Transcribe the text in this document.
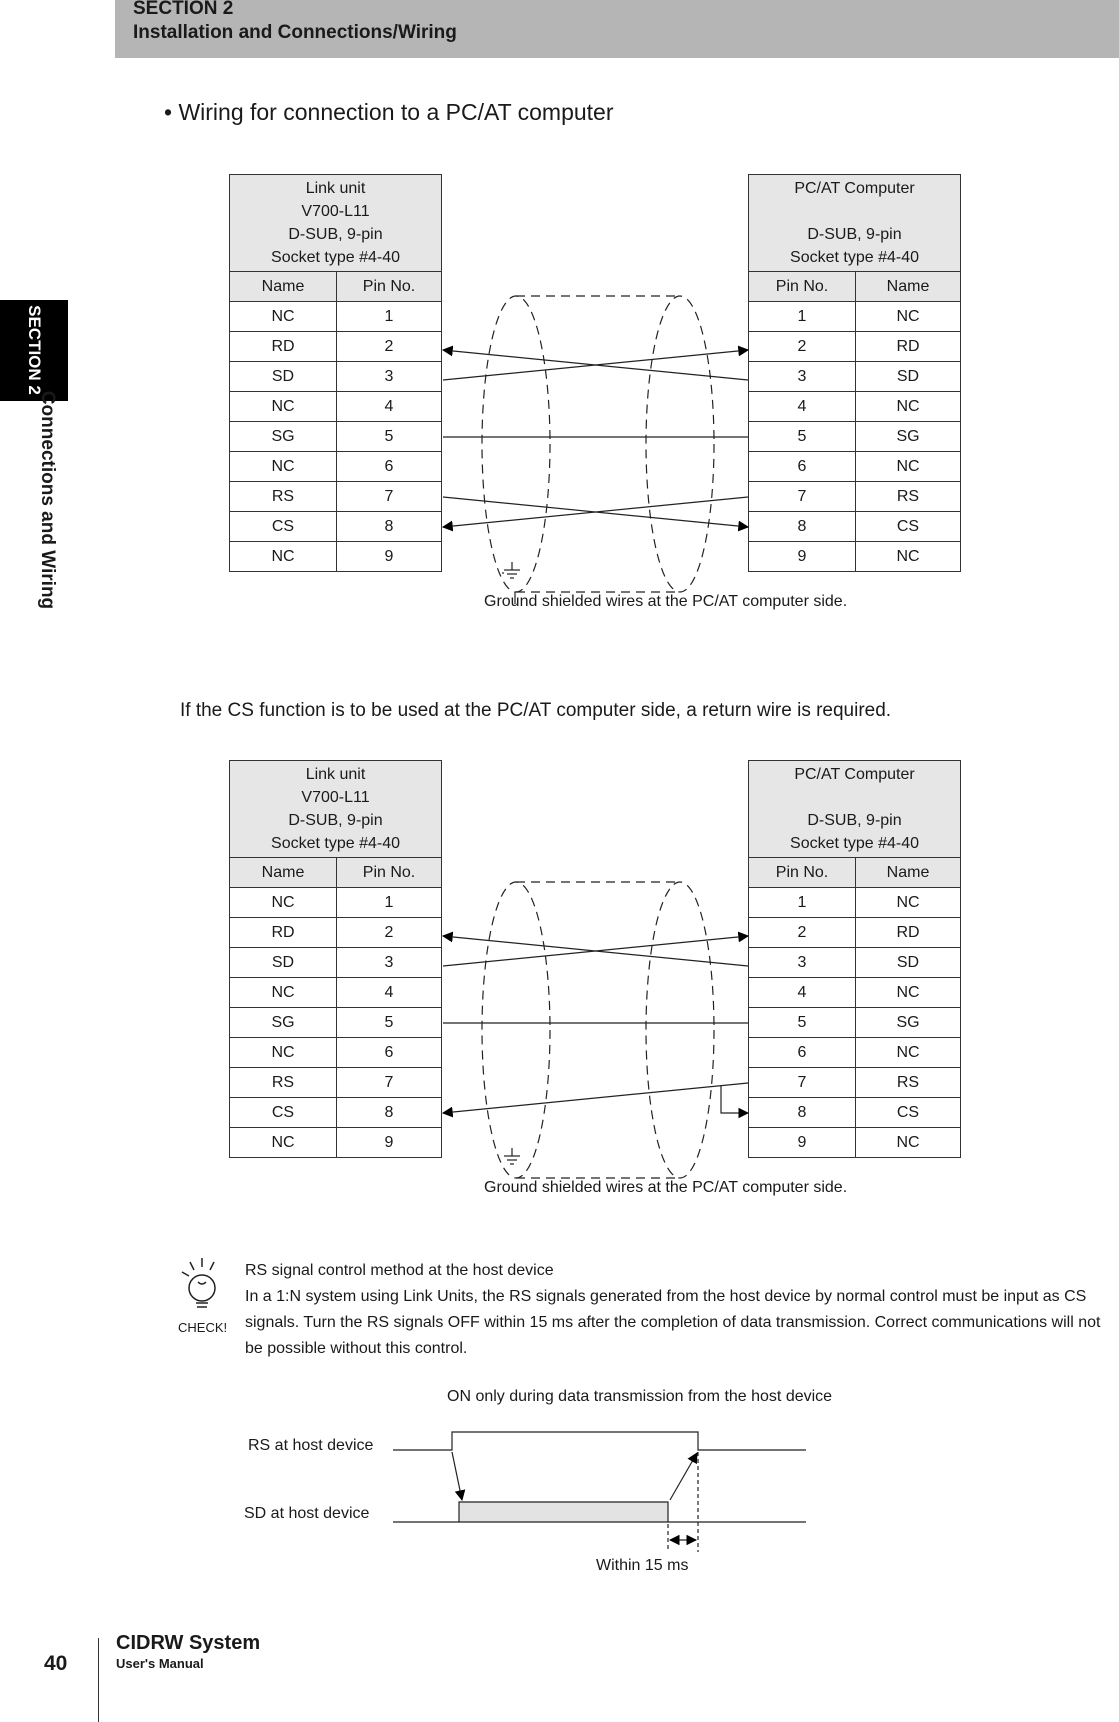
SECTION 2
Installation and Connections/Wiring
SECTION 2
Connections and Wiring
• Wiring for connection to a PC/AT computer
Link unit
V700-L11
D-SUB, 9-pin
Socket type #4-40	

Name	Pin No.
NC	1
RD	2
SD	3
NC	4
SG	5
NC	6
RS	7
CS	8
NC	9
PC/AT Computer

D-SUB, 9-pin
Socket type #4-40	

Pin No.	Name
1	NC
2	RD
3	SD
4	NC
5	SG
6	NC
7	RS
8	CS
9	NC
Ground shielded wires at the PC/AT computer side.
If the CS function is to be used at the PC/AT computer side, a return wire is required.
Link unit
V700-L11
D-SUB, 9-pin
Socket type #4-40	

Name	Pin No.
NC	1
RD	2
SD	3
NC	4
SG	5
NC	6
RS	7
CS	8
NC	9
PC/AT Computer

D-SUB, 9-pin
Socket type #4-40	

Pin No.	Name
1	NC
2	RD
3	SD
4	NC
5	SG
6	NC
7	RS
8	CS
9	NC
Ground shielded wires at the PC/AT computer side.
CHECK!
RS signal control method at the host device
In a 1:N system using Link Units, the RS signals generated from the host device by normal control must be input as CS signals. Turn the RS signals OFF within 15 ms after the completion of data transmission. Correct communications will not be possible without this control.
ON only during data transmission from the host device
RS at host device
SD at host device
Within 15 ms
40
CIDRW System
User's Manual
